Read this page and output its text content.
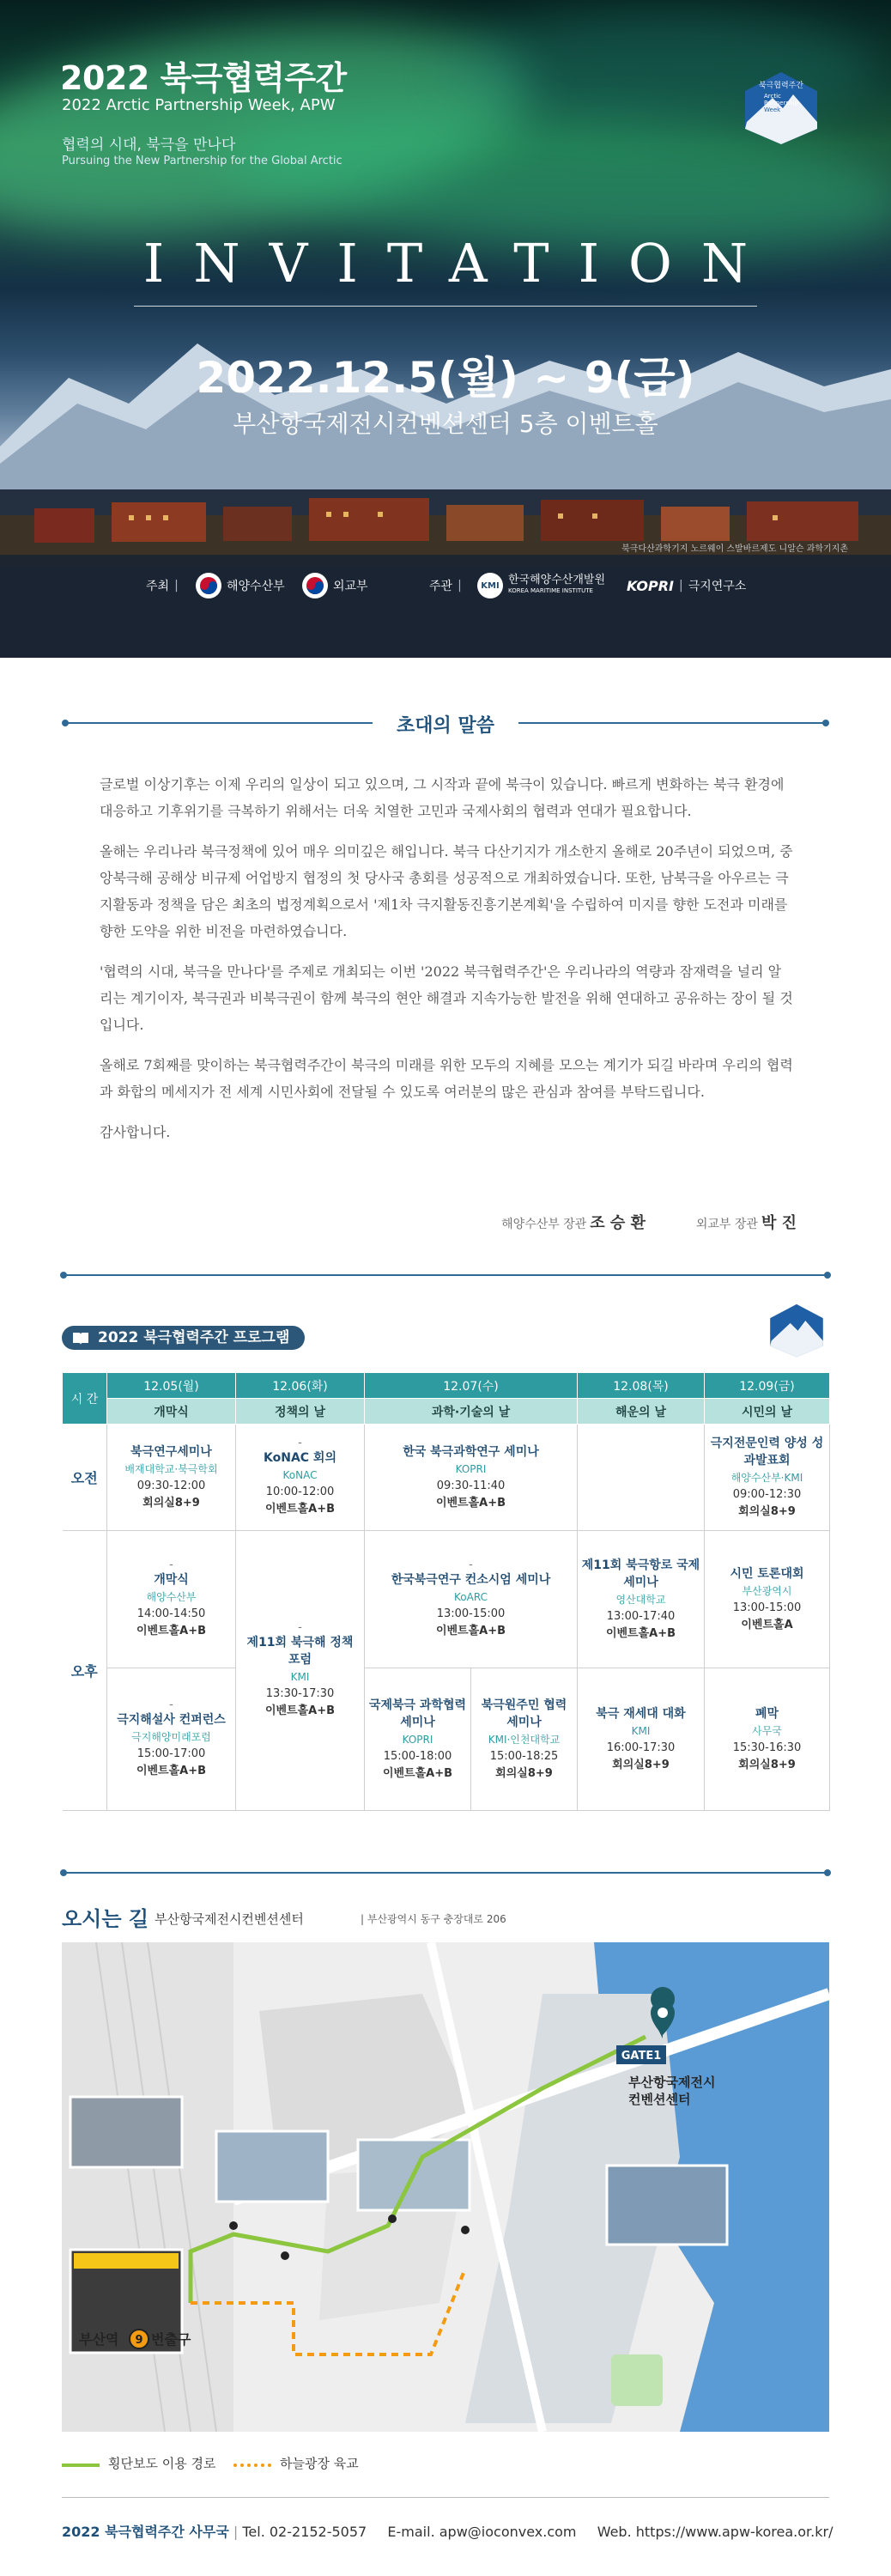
2022 북극협력주간
2022 Arctic Partnership Week, APW
협력의 시대, 북극을 만나다
Pursuing the New Partnership for the Global Arctic
북극협력주간
Arctic
Partnership
Week
INVITATION
2022.12.5(월) ~ 9(금)
부산항국제전시컨벤션센터 5층 이벤트홀
북극다산과학기지 노르웨이 스발바르제도 니알슨 과학기지촌
주최 |	해양수산부	외교부	주관 |	KMI 한국해양수산개발원
KOREA MARITIME INSTITUTE	KOPRI | 극지연구소
초대의 말씀

글로벌 이상기후는 이제 우리의 일상이 되고 있으며, 그 시작과 끝에 북극이 있습니다. 빠르게 변화하는 북극 환경에 대응하고 기후위기를 극복하기 위해서는 더욱 치열한 고민과 국제사회의 협력과 연대가 필요합니다.

올해는 우리나라 북극정책에 있어 매우 의미깊은 해입니다. 북극 다산기지가 개소한지 올해로 20주년이 되었으며, 중앙북극해 공해상 비규제 어업방지 협정의 첫 당사국 총회를 성공적으로 개최하였습니다. 또한, 남북극을 아우르는 극지활동과 정책을 담은 최초의 법정계획으로서 '제1차 극지활동진흥기본계획'을 수립하여 미지를 향한 도전과 미래를 향한 도약을 위한 비전을 마련하였습니다.

'협력의 시대, 북극을 만나다'를 주제로 개최되는 이번 '2022 북극협력주간'은 우리나라의 역량과 잠재력을 널리 알리는 계기이자, 북극권과 비북극권이 함께 북극의 현안 해결과 지속가능한 발전을 위해 연대하고 공유하는 장이 될 것입니다.

올해로 7회째를 맞이하는 북극협력주간이 북극의 미래를 위한 모두의 지혜를 모으는 계기가 되길 바라며 우리의 협력과 화합의 메세지가 전 세계 시민사회에 전달될 수 있도록 여러분의 많은 관심과 참여를 부탁드립니다.

감사합니다.

해양수산부 장관 조 승 환	외교부 장관 박 진
2022 북극협력주간 프로그램
시 간	12.05(월)	12.06(화)	12.07(수)		12.08(목)	12.09(금)
	개막식	정책의 날	과학·기술의 날		해운의 날	시민의 날
오전	북극연구세미나
배재대학교·북극학회
09:30-12:00
회의실8+9	-
KoNAC 회의
KoNAC
10:00-12:00
이벤트홀A+B	한국 북극과학연구 세미나
KOPRI
09:30-11:40
이벤트홀A+B			극지전문인력 양성 성과발표회
해양수산부·KMI
09:00-12:30
회의실8+9

오후	-
개막식
해양수산부
14:00-14:50
이벤트홀A+B	-
제11회 북극해 정책 포럼
KMI
13:30-17:30
이벤트홀A+B	-
한국북극연구 컨소시엄 세미나
KoARC
13:00-15:00
이벤트홀A+B		제11회 북극항로 국제세미나
영산대학교
13:00-17:40
이벤트홀A+B	시민 토론대회
부산광역시
13:00-15:00
이벤트홀A

	-
극지해설사 컨퍼런스
극지해양미래포럼
15:00-17:00
이벤트홀A+B		국제북극 과학협력 세미나
KOPRI
15:00-18:00
이벤트홀A+B	북극원주민 협력 세미나
KMI·인천대학교
15:00-18:25
회의실8+9	북극 재세대 대화
KMI
16:00-17:30
회의실8+9	폐막
사무국
15:30-16:30
회의실8+9
오시는 길 부산항국제전시컨벤션센터	| 부산광역시 동구 충장대로 206
GATE1
부산항국제전시
컨벤션센터
부산역 9 번출구
횡단보도 이용 경로	하늘광장 육교
2022 북극협력주간 사무국 | Tel. 02-2152-5057 E-mail. apw@ioconvex.com Web. https://www.apw-korea.or.kr/
